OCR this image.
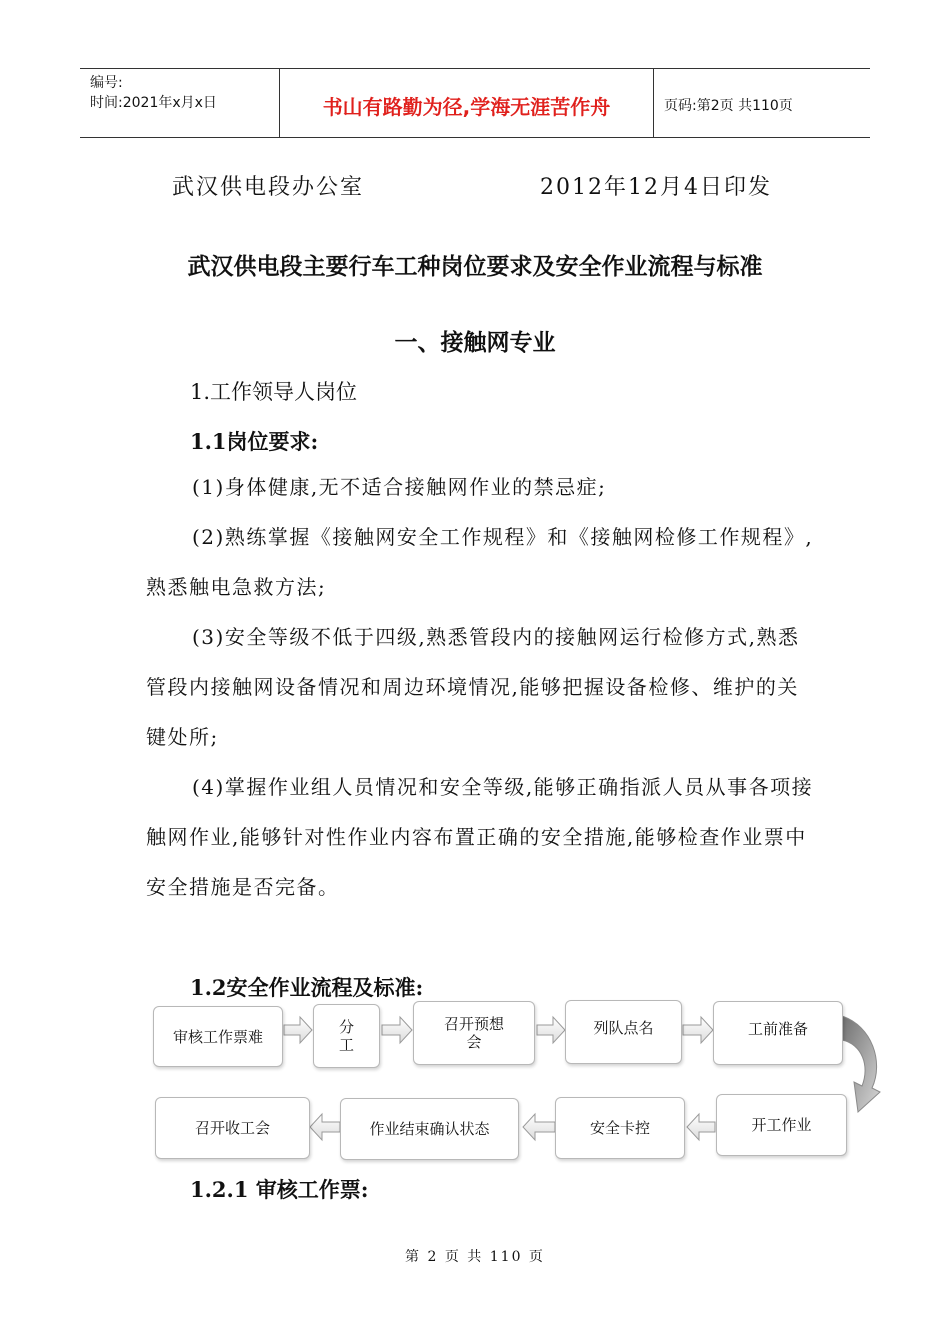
编号:
时间:2021年x月x日	书山有路勤为径,学海无涯苦作舟	页码:第2页 共110页
武汉供电段办公室	2012年12月4日印发
武汉供电段主要行车工种岗位要求及安全作业流程与标准
一、接触网专业
1.工作领导人岗位
1.1岗位要求:

(1)身体健康,无不适合接触网作业的禁忌症;

(2)熟练掌握《接触网安全工作规程》和《接触网检修工作规程》,熟悉触电急救方法;

(3)安全等级不低于四级,熟悉管段内的接触网运行检修方式,熟悉管段内接触网设备情况和周边环境情况,能够把握设备检修、维护的关键处所;

(4)掌握作业组人员情况和安全等级,能够正确指派人员从事各项接触网作业,能够针对性作业内容布置正确的安全措施,能够检查作业票中安全措施是否完备。

1.2安全作业流程及标准:
审核工作票难
分工
召开预想会
列队点名	工前准备
开工作业
安全卡控
作业结束确认状态
召开收工会
1.2.1 审核工作票:
第 2 页 共 110 页
